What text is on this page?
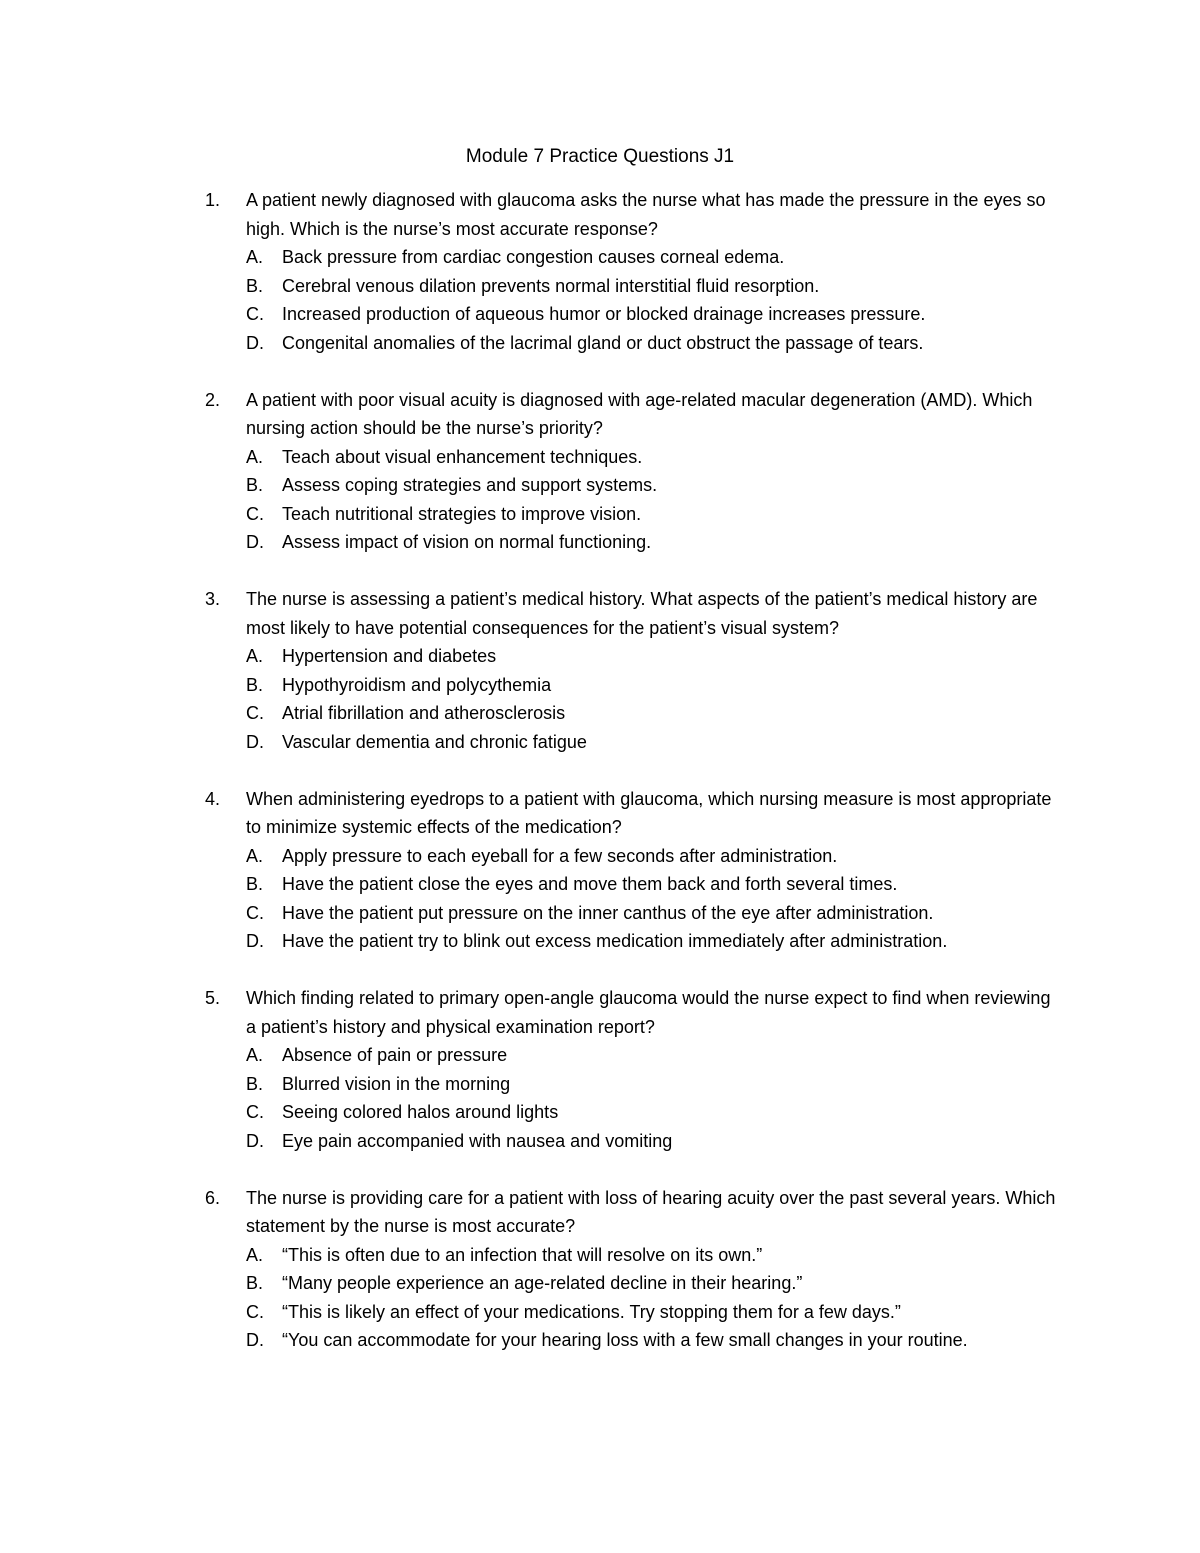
Module 7 Practice Questions J1
1.	A patient newly diagnosed with glaucoma asks the nurse what has made the pressure in the eyes so high. Which is the nurse’s most accurate response?
A.	Back pressure from cardiac congestion causes corneal edema.
B.	Cerebral venous dilation prevents normal interstitial fluid resorption.
C.	Increased production of aqueous humor or blocked drainage increases pressure.
D.	Congenital anomalies of the lacrimal gland or duct obstruct the passage of tears.
2.	A patient with poor visual acuity is diagnosed with age-related macular degeneration (AMD). Which nursing action should be the nurse’s priority?
A.	Teach about visual enhancement techniques.
B.	Assess coping strategies and support systems.
C.	Teach nutritional strategies to improve vision.
D.	Assess impact of vision on normal functioning.
3.	The nurse is assessing a patient’s medical history. What aspects of the patient’s medical history are most likely to have potential consequences for the patient’s visual system?
A.	Hypertension and diabetes
B.	Hypothyroidism and polycythemia
C.	Atrial fibrillation and atherosclerosis
D.	Vascular dementia and chronic fatigue
4.	When administering eyedrops to a patient with glaucoma, which nursing measure is most appropriate to minimize systemic effects of the medication?
A.	Apply pressure to each eyeball for a few seconds after administration.
B.	Have the patient close the eyes and move them back and forth several times.
C.	Have the patient put pressure on the inner canthus of the eye after administration.
D.	Have the patient try to blink out excess medication immediately after administration.
5.	Which finding related to primary open-angle glaucoma would the nurse expect to find when reviewing a patient’s history and physical examination report?
A.	Absence of pain or pressure
B.	Blurred vision in the morning
C.	Seeing colored halos around lights
D.	Eye pain accompanied with nausea and vomiting
6.	The nurse is providing care for a patient with loss of hearing acuity over the past several years. Which statement by the nurse is most accurate?
A.	“This is often due to an infection that will resolve on its own.”
B.	“Many people experience an age-related decline in their hearing.”
C.	“This is likely an effect of your medications. Try stopping them for a few days.”
D.	“You can accommodate for your hearing loss with a few small changes in your routine.
